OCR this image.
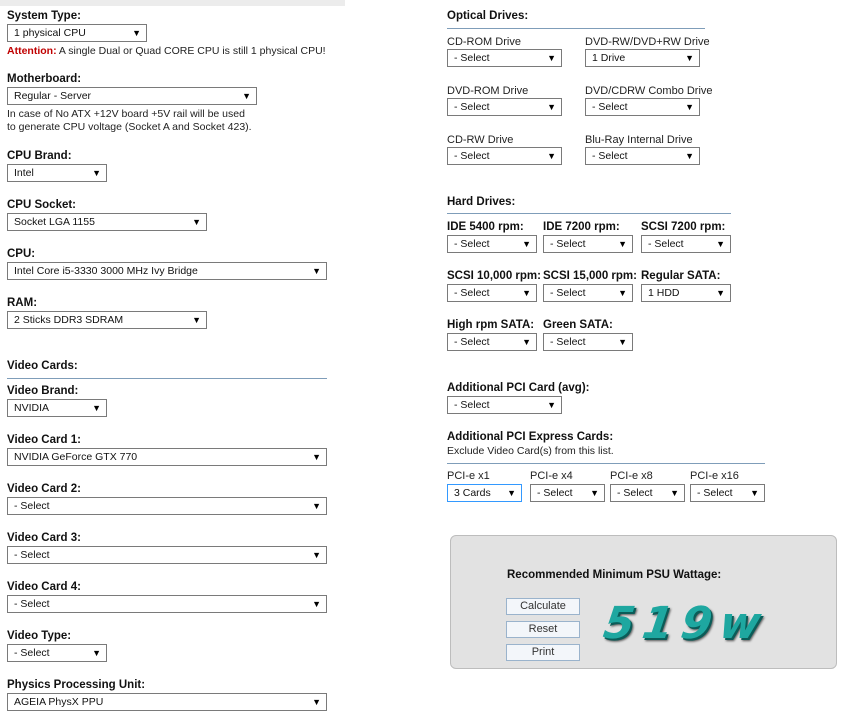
System Type:
1 physical CPU	▼
Attention: A single Dual or Quad CORE CPU is still 1 physical CPU!
Motherboard:
Regular - Server	▼
In case of No ATX +12V board +5V rail will be used
to generate CPU voltage (Socket A and Socket 423).
CPU Brand:
Intel	▼
CPU Socket:
Socket LGA 1155	▼
CPU:
Intel Core i5-3330 3000 MHz Ivy Bridge	▼
RAM:
2 Sticks DDR3 SDRAM	▼
Video Cards:
Video Brand:
NVIDIA	▼
Video Card 1:
NVIDIA GeForce GTX 770	▼
Video Card 2:
- Select	▼
Video Card 3:
- Select	▼
Video Card 4:
- Select	▼
Video Type:
- Select	▼
Physics Processing Unit:
AGEIA PhysX PPU	▼
Optical Drives:
CD-ROM Drive
- Select	▼
DVD-RW/DVD+RW Drive
1 Drive	▼
DVD-ROM Drive
- Select	▼
DVD/CDRW Combo Drive
- Select	▼
CD-RW Drive
- Select	▼
Blu-Ray Internal Drive
- Select	▼
Hard Drives:
IDE 5400 rpm:
- Select	▼
IDE 7200 rpm:
- Select	▼
SCSI 7200 rpm:
- Select	▼
SCSI 10,000 rpm:
- Select	▼
SCSI 15,000 rpm:
- Select	▼
Regular SATA:
1 HDD	▼
High rpm SATA:
- Select	▼
Green SATA:
- Select	▼
Additional PCI Card (avg):
- Select	▼
Additional PCI Express Cards:
Exclude Video Card(s) from this list.
PCI-e x1
3 Cards ▼
PCI-e x4
- Select ▼
PCI-e x8
- Select ▼
PCI-e x16
- Select ▼
Recommended Minimum PSU Wattage:
Calculate
Reset
Print
519w
